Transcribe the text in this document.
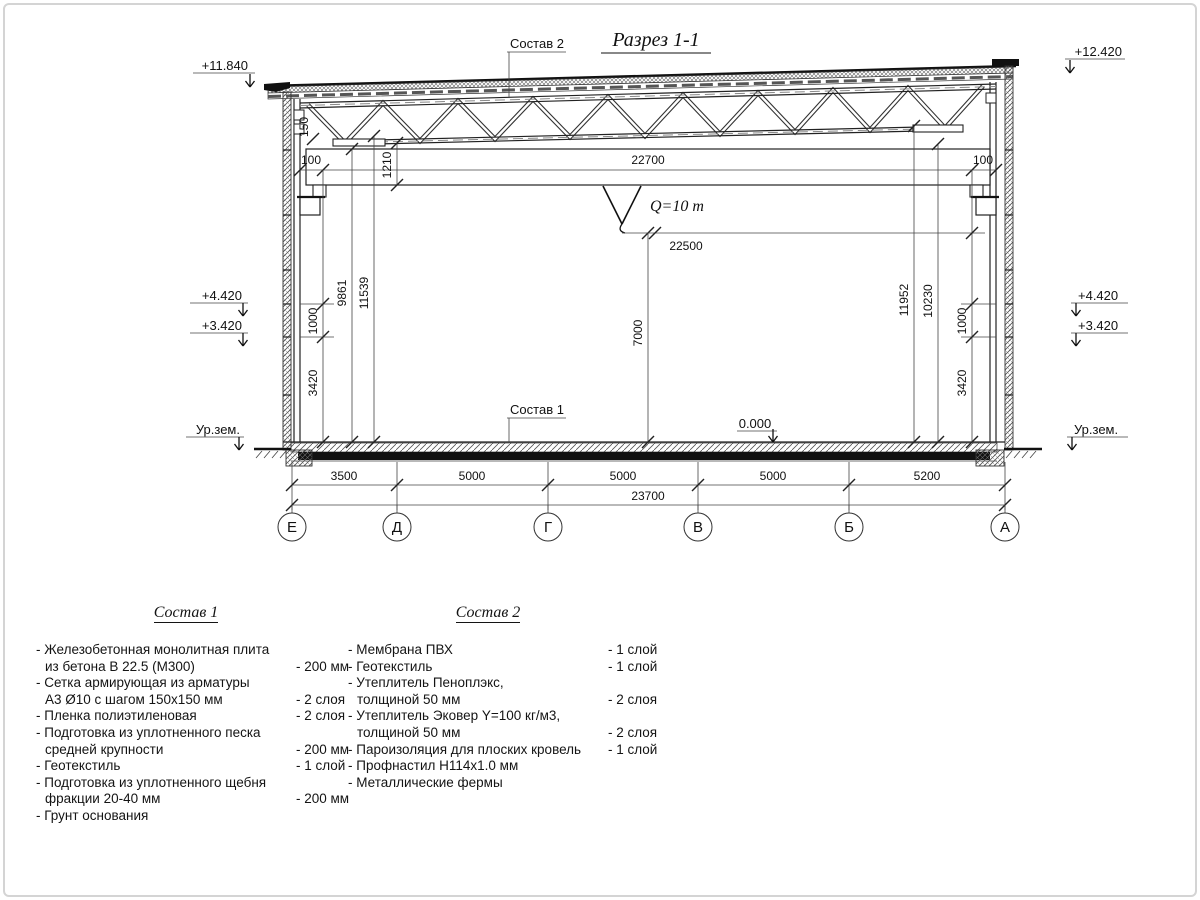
Q=10 т
100	22700	100
22500
150
1210
9861 11539
7000
11952 10230
1000
3420
1000
3420
3500	5000	5000	5000	5200
23700
Е	Д	Г	В	Б	А
+11.840
+12.420
+4.420
+3.420
Ур.зем.
+4.420
+3.420
Ур.зем.
Состав 2
Состав 1
0.000
Разрез 1-1
Состав 1
- Железобетонная монолитная плита
из бетона В 22.5 (М300)	- 200 мм
- Сетка армирующая из арматуры
А3 Ø10 с шагом 150х150 мм	- 2 слоя
- Пленка полиэтиленовая	- 2 слоя
- Подготовка из уплотненного песка
средней крупности	- 200 мм
- Геотекстиль	- 1 слой
- Подготовка из уплотненного щебня
фракции 20-40 мм	- 200 мм
- Грунт основания
Состав 2
- Мембрана ПВХ	- 1 слой
- Геотекстиль	- 1 слой
- Утеплитель Пеноплэкс,
толщиной 50 мм	- 2 слоя
- Утеплитель Эковер Y=100 кг/м3,
толщиной 50 мм	- 2 слоя
- Пароизоляция для плоских кровель	- 1 слой
- Профнастил Н114х1.0 мм
- Металлические фермы
